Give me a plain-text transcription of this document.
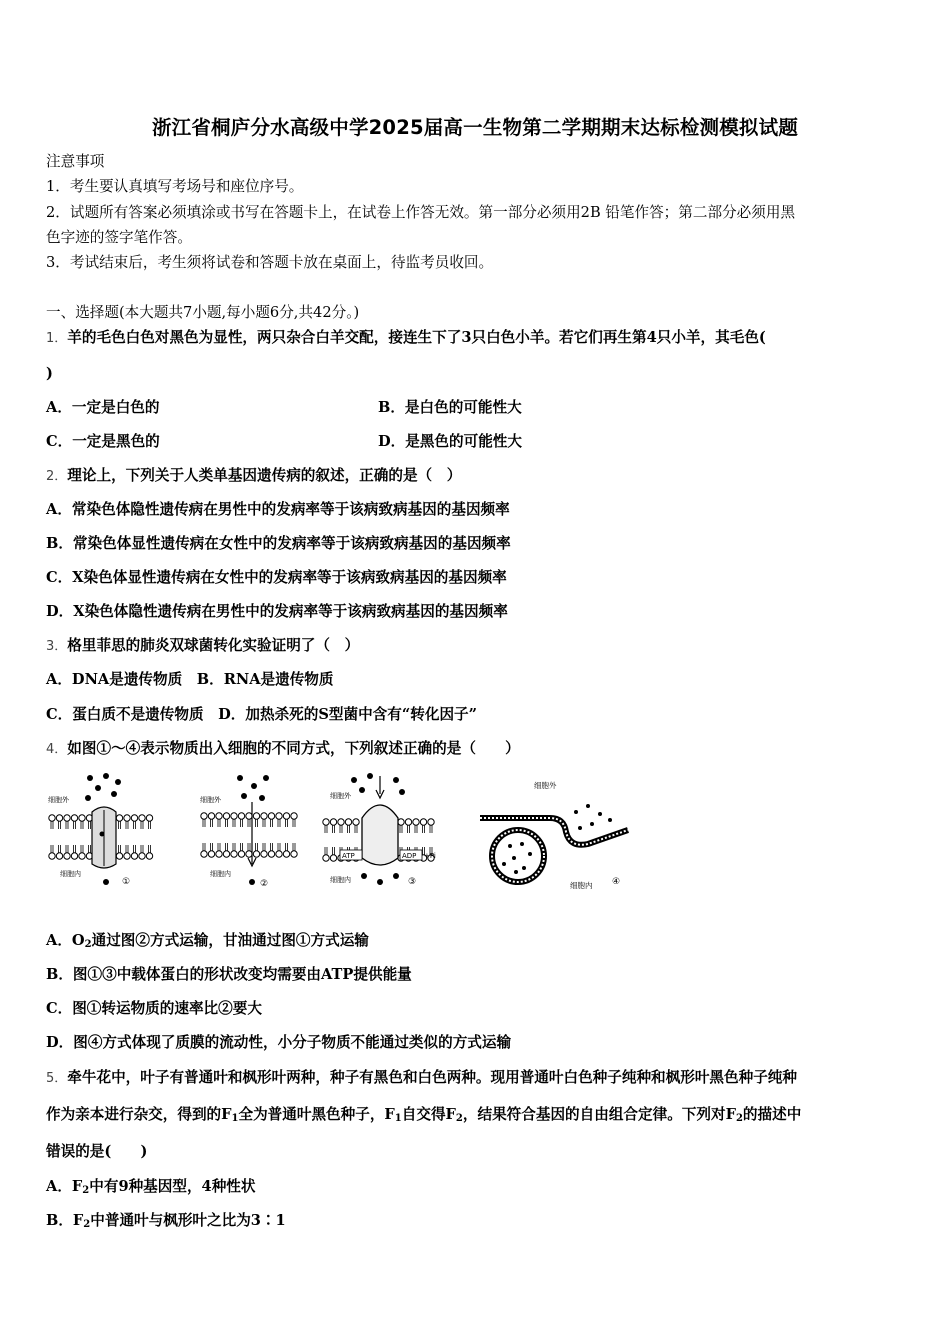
浙江省桐庐分水高级中学2025届高一生物第二学期期末达标检测模拟试题
注意事项
1．考生要认真填写考场号和座位序号。
2．试题所有答案必须填涂或书写在答题卡上，在试卷上作答无效。第一部分必须用2B 铅笔作答；第二部分必须用黑
色字迹的签字笔作答。
3．考试结束后，考生须将试卷和答题卡放在桌面上，待监考员收回。
一、选择题(本大题共7小题,每小题6分,共42分。)
1．羊的毛色白色对黑色为显性，两只杂合白羊交配，接连生下了3只白色小羊。若它们再生第4只小羊，其毛色(
)
A．一定是白色的	B．是白色的可能性大
C．一定是黑色的	D．是黑色的可能性大
2．理论上，下列关于人类单基因遗传病的叙述，正确的是（　）
A．常染色体隐性遗传病在男性中的发病率等于该病致病基因的基因频率
B．常染色体显性遗传病在女性中的发病率等于该病致病基因的基因频率
C．X染色体显性遗传病在女性中的发病率等于该病致病基因的基因频率
D．X染色体隐性遗传病在男性中的发病率等于该病致病基因的基因频率
3．格里菲思的肺炎双球菌转化实验证明了（　）
A．DNA是遗传物质　B．RNA是遗传物质
C．蛋白质不是遗传物质　D．加热杀死的S型菌中含有“转化因子”
4．如图①～④表示物质出入细胞的不同方式，下列叙述正确的是（　　）
细胞外
细胞内
①
细胞外
细胞内
②
细胞外
ATP	ADP +Pi
细胞内	③
细胞外
细胞内 ④
A．$O_2$通过图②方式运输，甘油通过图①方式运输
B．图①③中载体蛋白的形状改变均需要由ATP提供能量
C．图①转运物质的速率比②要大
D．图④方式体现了质膜的流动性，小分子物质不能通过类似的方式运输
5．牵牛花中，叶子有普通叶和枫形叶两种，种子有黑色和白色两种。现用普通叶白色种子纯种和枫形叶黑色种子纯种
作为亲本进行杂交，得到的$F_1$全为普通叶黑色种子，$F_1$自交得$F_2$，结果符合基因的自由组合定律。下列对$F_2$的描述中
错误的是(　　)
A．$F_2$中有9种基因型，4种性状
B．$F_2$中普通叶与枫形叶之比为3∶1
